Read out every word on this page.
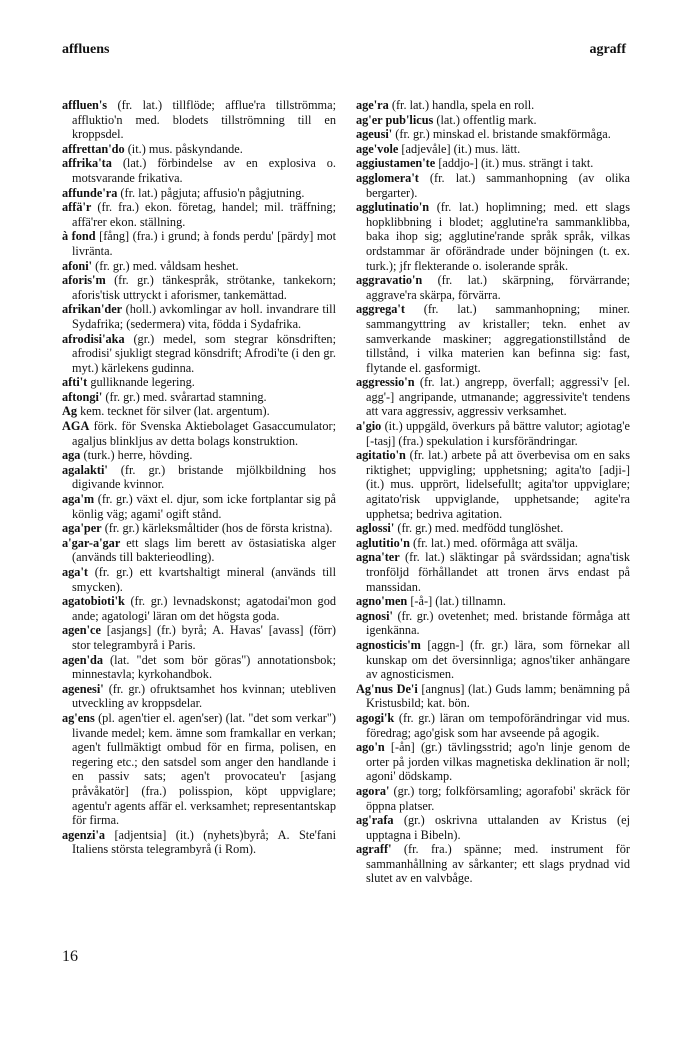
affluens	agraff

affluen's (fr. lat.) tillflöde; afflue'ra tillströmma; affluktio'n med. blodets tillströmning till en kroppsdel.

affrettan'do (it.) mus. påskyndande.

affrika'ta (lat.) förbindelse av en explosiva o. motsvarande frikativa.

affunde'ra (fr. lat.) pågjuta; affusio'n pågjutning.

affä'r (fr. fra.) ekon. företag, handel; mil. träffning; affä'rer ekon. ställning.

à fond [fång] (fra.) i grund; à fonds perdu' [pärdy] mot livränta.

afoni' (fr. gr.) med. våldsam heshet.

aforis'm (fr. gr.) tänkespråk, strötanke, tankekorn; aforis'tisk uttryckt i aforismer, tankemättad.

afrikan'der (holl.) avkomlingar av holl. invandrare till Sydafrika; (sedermera) vita, födda i Sydafrika.

afrodisi'aka (gr.) medel, som stegrar könsdriften; afrodisi' sjukligt stegrad könsdrift; Afrodi'te (i den gr. myt.) kärlekens gudinna.

afti't gulliknande legering.

aftongi' (fr. gr.) med. svårartad stamning.

Ag kem. tecknet för silver (lat. argentum).

AGA förk. för Svenska Aktiebolaget Gasaccumulator; agaljus blinkljus av detta bolags konstruktion.

aga (turk.) herre, hövding.

agalakti' (fr. gr.) bristande mjölkbildning hos digivande kvinnor.

aga'm (fr. gr.) växt el. djur, som icke fortplantar sig på könlig väg; agami' ogift stånd.

aga'per (fr. gr.) kärleksmåltider (hos de första kristna).

a'gar-a'gar ett slags lim berett av östasiatiska alger (används till bakterieodling).

aga't (fr. gr.) ett kvartshaltigt mineral (används till smycken).

agatobioti'k (fr. gr.) levnadskonst; agatodai'mon god ande; agatologi' läran om det högsta goda.

agen'ce [asjangs] (fr.) byrå; A. Havas' [avass] (förr) stor telegrambyrå i Paris.

agen'da (lat. "det som bör göras") annotationsbok; minnestavla; kyrkohandbok.

agenesi' (fr. gr.) ofruktsamhet hos kvinnan; utebliven utveckling av kroppsdelar.

ag'ens (pl. agen'tier el. agen'ser) (lat. "det som verkar") livande medel; kem. ämne som framkallar en verkan; agen't fullmäktigt ombud för en firma, polisen, en regering etc.; den satsdel som anger den handlande i en passiv sats; agen't provocateu'r [asjang pråvåkatör] (fra.) polisspion, köpt uppviglare; agentu'r agents affär el. verksamhet; representantskap för firma.

agenzi'a [adjentsia] (it.) (nyhets)byrå; A. Ste'fani Italiens största telegrambyrå (i Rom).

age'ra (fr. lat.) handla, spela en roll.

ag'er pub'licus (lat.) offentlig mark.

ageusi' (fr. gr.) minskad el. bristande smakförmåga.

age'vole [adjevåle] (it.) mus. lätt.

aggiustamen'te [addjo-] (it.) mus. strängt i takt.

agglomera't (fr. lat.) sammanhopning (av olika bergarter).

agglutinatio'n (fr. lat.) hoplimning; med. ett slags hopklibbning i blodet; agglutine'ra sammanklibba, baka ihop sig; agglutine'rande språk språk, vilkas ordstammar är oförändrade under böjningen (t. ex. turk.); jfr flekterande o. isolerande språk.

aggravatio'n (fr. lat.) skärpning, förvärrande; aggrave'ra skärpa, förvärra.

aggrega't (fr. lat.) sammanhopning; miner. sammangyttring av kristaller; tekn. enhet av samverkande maskiner; aggregationstillstånd de tillstånd, i vilka materien kan befinna sig: fast, flytande el. gasformigt.

aggressio'n (fr. lat.) angrepp, överfall; aggressi'v [el. agg'-] angripande, utmanande; aggressivite't tendens att vara aggressiv, aggressiv verksamhet.

a'gio (it.) uppgäld, överkurs på bättre valutor; agiotag'e [-tasj] (fra.) spekulation i kursförändringar.

agitatio'n (fr. lat.) arbete på att överbevisa om en saks riktighet; uppvigling; upphetsning; agita'to [adji-] (it.) mus. upprört, lidelsefullt; agita'tor uppviglare; agitato'risk uppviglande, upphetsande; agite'ra upphetsa; bedriva agitation.

aglossi' (fr. gr.) med. medfödd tunglöshet.

aglutitio'n (fr. lat.) med. oförmåga att svälja.

agna'ter (fr. lat.) släktingar på svärdssidan; agna'tisk tronföljd förhållandet att tronen ärvs endast på manssidan.

agno'men [-å-] (lat.) tillnamn.

agnosi' (fr. gr.) ovetenhet; med. bristande förmåga att igenkänna.

agnosticis'm [aggn-] (fr. gr.) lära, som förnekar all kunskap om det översinnliga; agnos'tiker anhängare av agnosticismen.

Ag'nus De'i [angnus] (lat.) Guds lamm; benämning på Kristusbild; kat. bön.

agogi'k (fr. gr.) läran om tempoförändringar vid mus. föredrag; ago'gisk som har avseende på agogik.

ago'n [-ån] (gr.) tävlingsstrid; ago'n linje genom de orter på jorden vilkas magnetiska deklination är noll; agoni' dödskamp.

agora' (gr.) torg; folkförsamling; agorafobi' skräck för öppna platser.

ag'rafa (gr.) oskrivna uttalanden av Kristus (ej upptagna i Bibeln).

agraff' (fr. fra.) spänne; med. instrument för sammanhållning av sårkanter; ett slags prydnad vid slutet av en valvbåge.

16
